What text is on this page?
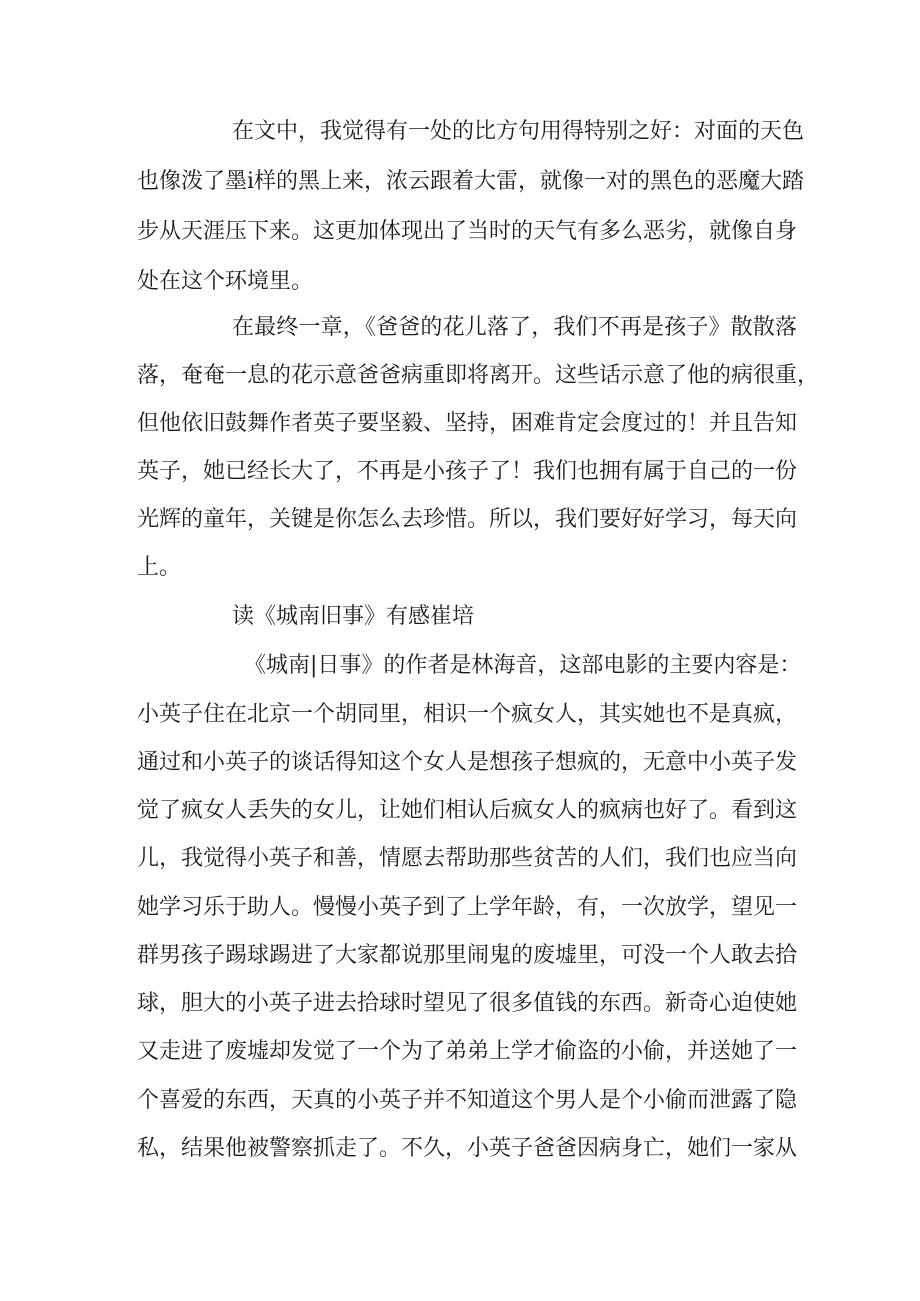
在文中，我觉得有一处的比方句用得特别之好：对面的天色
也像泼了墨i样的黑上来，浓云跟着大雷，就像一对的黑色的恶魔大踏
步从天涯压下来。这更加体现出了当时的天气有多么恶劣，就像自身
处在这个环境里。
在最终一章，《爸爸的花儿落了，我们不再是孩子》散散落
落，奄奄一息的花示意爸爸病重即将离开。这些话示意了他的病很重，
但他依旧鼓舞作者英子要坚毅、坚持，困难肯定会度过的！并且告知
英子，她已经长大了，不再是小孩子了！我们也拥有属于自己的一份
光辉的童年，关键是你怎么去珍惜。所以，我们要好好学习，每天向
上。
读《城南旧事》有感崔培
《城南|日事》的作者是林海音，这部电影的主要内容是：
小英子住在北京一个胡同里，相识一个疯女人，其实她也不是真疯，
通过和小英子的谈话得知这个女人是想孩子想疯的，无意中小英子发
觉了疯女人丢失的女儿，让她们相认后疯女人的疯病也好了。看到这
儿，我觉得小英子和善，情愿去帮助那些贫苦的人们，我们也应当向
她学习乐于助人。慢慢小英子到了上学年龄，有，一次放学，望见一
群男孩子踢球踢进了大家都说那里闹鬼的废墟里，可没一个人敢去拾
球，胆大的小英子进去拾球时望见了很多值钱的东西。新奇心迫使她
又走进了废墟却发觉了一个为了弟弟上学才偷盗的小偷，并送她了一
个喜爱的东西，天真的小英子并不知道这个男人是个小偷而泄露了隐
私，结果他被警察抓走了。不久，小英子爸爸因病身亡，她们一家从
